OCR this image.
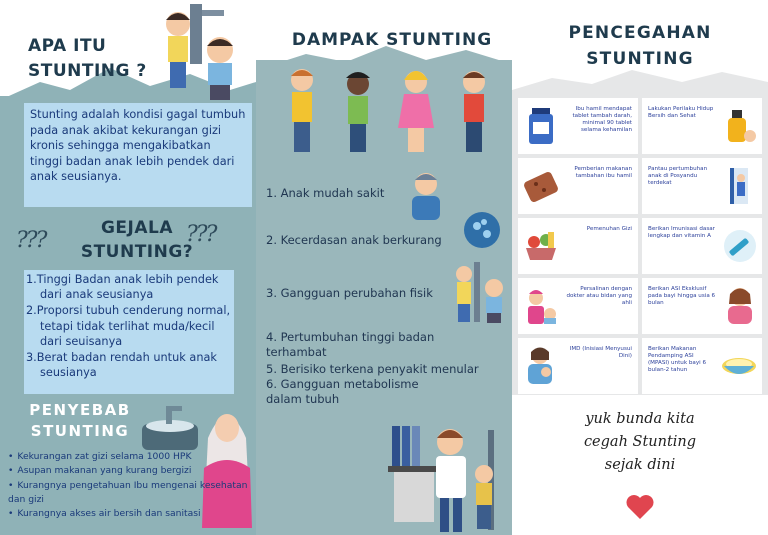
APA ITU
STUNTING ?

Stunting adalah kondisi gagal tumbuh pada anak akibat kekurangan gizi kronis sehingga mengakibatkan tinggi badan anak lebih pendek dari anak seusianya.

???	???
GEJALA
STUNTING?
1.Tinggi Badan anak lebih pendek dari anak seusianya
2.Proporsi tubuh cenderung normal, tetapi tidak terlihat muda/kecil dari seuisanya
3.Berat badan rendah untuk anak seusianya
PENYEBAB
STUNTING
• Kekurangan zat gizi selama 1000 HPK
• Asupan makanan yang kurang bergizi
• Kurangnya pengetahuan Ibu mengenai kesehatan dan gizi
• Kurangnya akses air bersih dan sanitasi
DAMPAK STUNTING

1. Anak mudah sakit

2. Kecerdasan anak berkurang

3. Gangguan perubahan fisik

4. Pertumbuhan tinggi badan terhambat

5. Berisiko terkena penyakit menular

6. Gangguan metabolisme dalam tubuh

PENCEGAHAN
STUNTING
Ibu hamil mendapat tablet tambah darah, minimal 90 tablet selama kehamilan
Pemberian makanan tambahan ibu hamil
Pemenuhan Gizi
Persalinan dengan dokter atau bidan yang ahli
IMD (Inisiasi Menyusui Dini)
Lakukan Perilaku Hidup Bersih dan Sehat
Pantau pertumbuhan anak di Posyandu terdekat
Berikan Imunisasi dasar lengkap dan vitamin A
Berikan ASI Eksklusif pada bayi hingga usia 6 bulan
Berikan Makanan Pendamping ASI (MPASI) untuk bayi 6 bulan-2 tahun
yuk bunda kita
cegah Stunting
sejak dini
